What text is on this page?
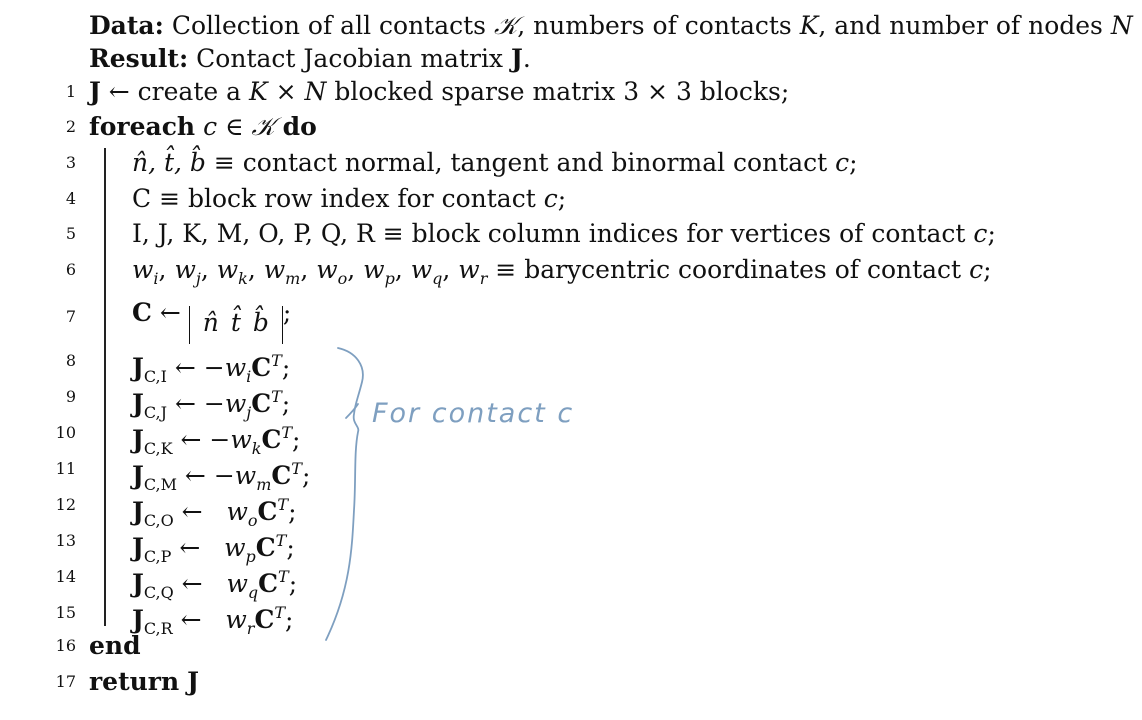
Data: Collection of all contacts 𝒦, numbers of contacts K, and number of nodes N
Result: Contact Jacobian matrix J.
1 J ← create a K × N blocked sparse matrix 3 × 3 blocks;
2 foreach c ∈ 𝒦 do
3 n̂, t̂, b̂ ≡ contact normal, tangent and binormal contact c;
4 C ≡ block row index for contact c;
5 I, J, K, M, O, P, Q, R ≡ block column indices for vertices of contact c;
6 $w_i$, $w_j$, $w_k$, $w_m$, $w_o$, $w_p$, $w_q$, $w_r$ ≡ barycentric coordinates of contact c;
7 C ← n̂ t̂ b̂ ;
8 $J_{C,I}$ ← $-w_iC^T$;
9 $J_{C,J}$ ← $-w_jC^T$;
10 $J_{C,K}$ ← $-w_kC^T$;
11 $J_{C,M}$ ← $-w_mC^T$;
12 $J_{C,O}$ ←   $w_oC^T$;
13 $J_{C,P}$ ←   $w_pC^T$;
14 $J_{C,Q}$ ←   $w_qC^T$;
15 $J_{C,R}$ ←   $w_rC^T$;
16 end
17 return J
For contact c
